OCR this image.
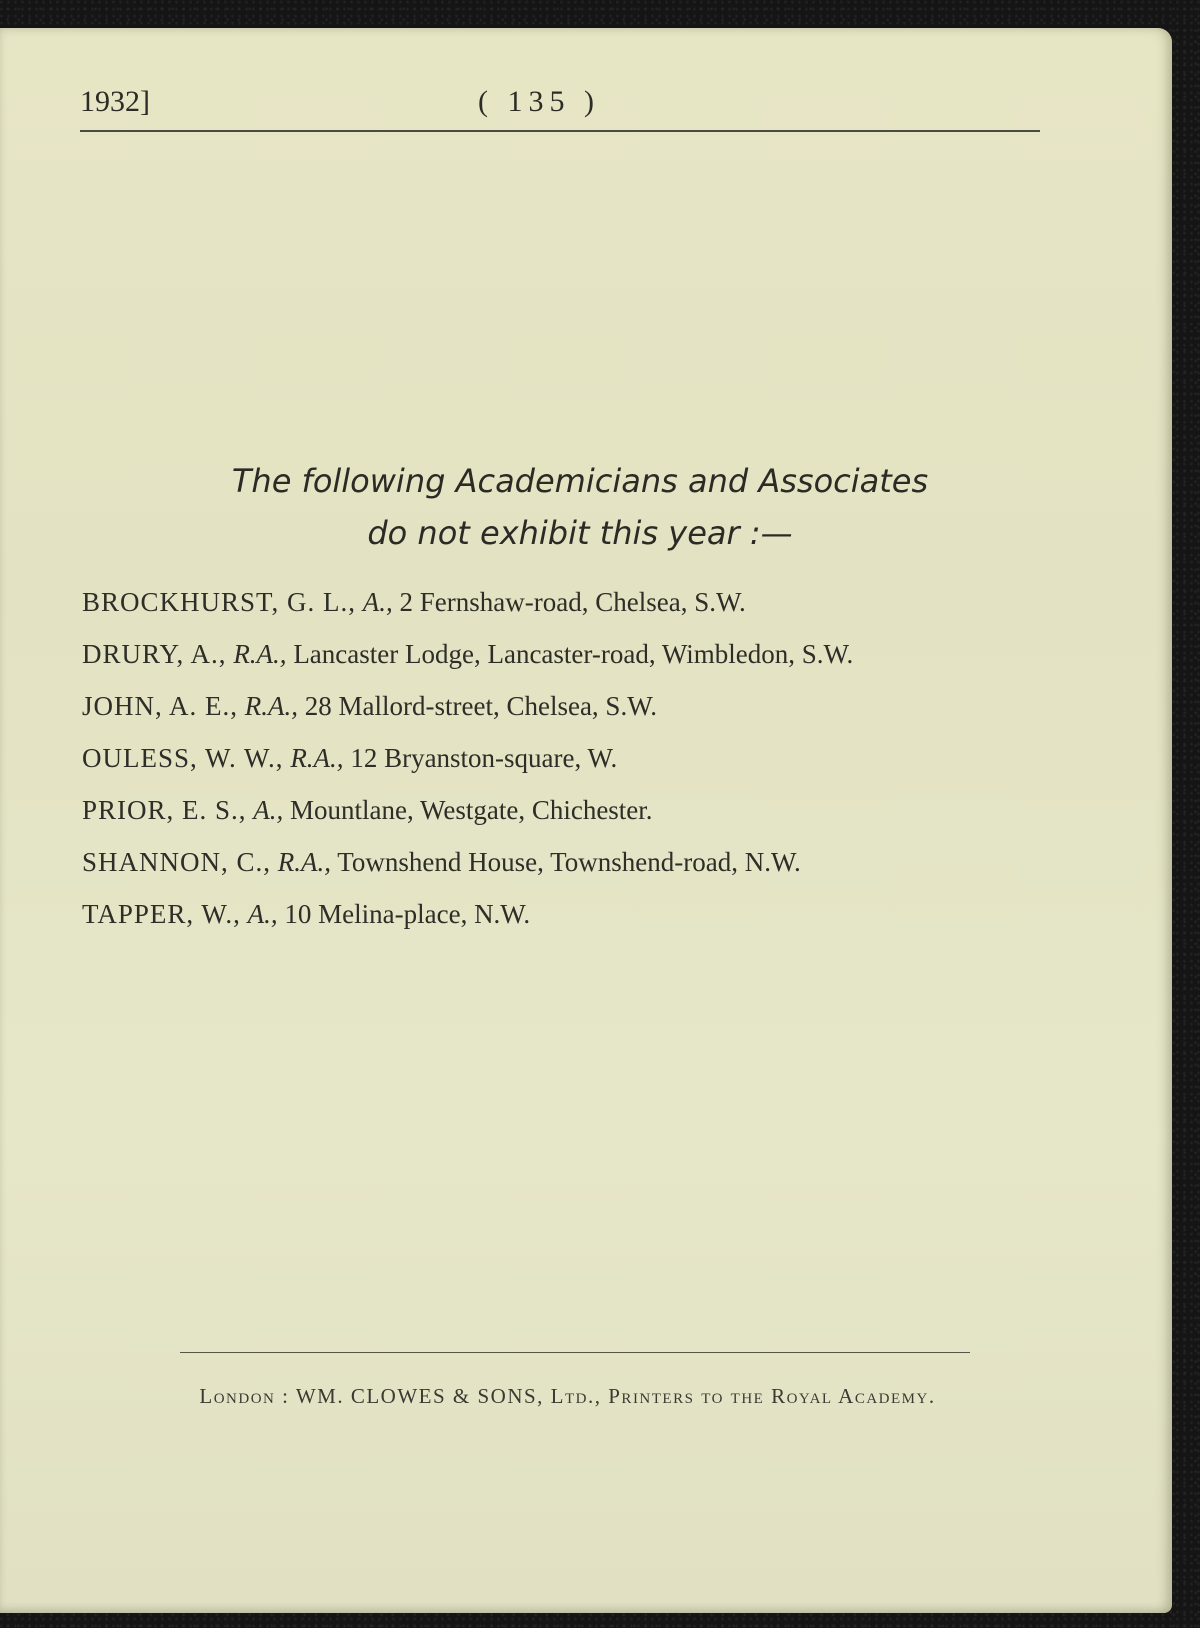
1932]	( 135 )
The following Academicians and Associates
do not exhibit this year :—
BROCKHURST, G. L., A., 2 Fernshaw-road, Chelsea, S.W.
DRURY, A., R.A., Lancaster Lodge, Lancaster-road, Wimbledon, S.W.
JOHN, A. E., R.A., 28 Mallord-street, Chelsea, S.W.
OULESS, W. W., R.A., 12 Bryanston-square, W.
PRIOR, E. S., A., Mountlane, Westgate, Chichester.
SHANNON, C., R.A., Townshend House, Townshend-road, N.W.
TAPPER, W., A., 10 Melina-place, N.W.
London : WM. CLOWES & SONS, Ltd., Printers to the Royal Academy.
